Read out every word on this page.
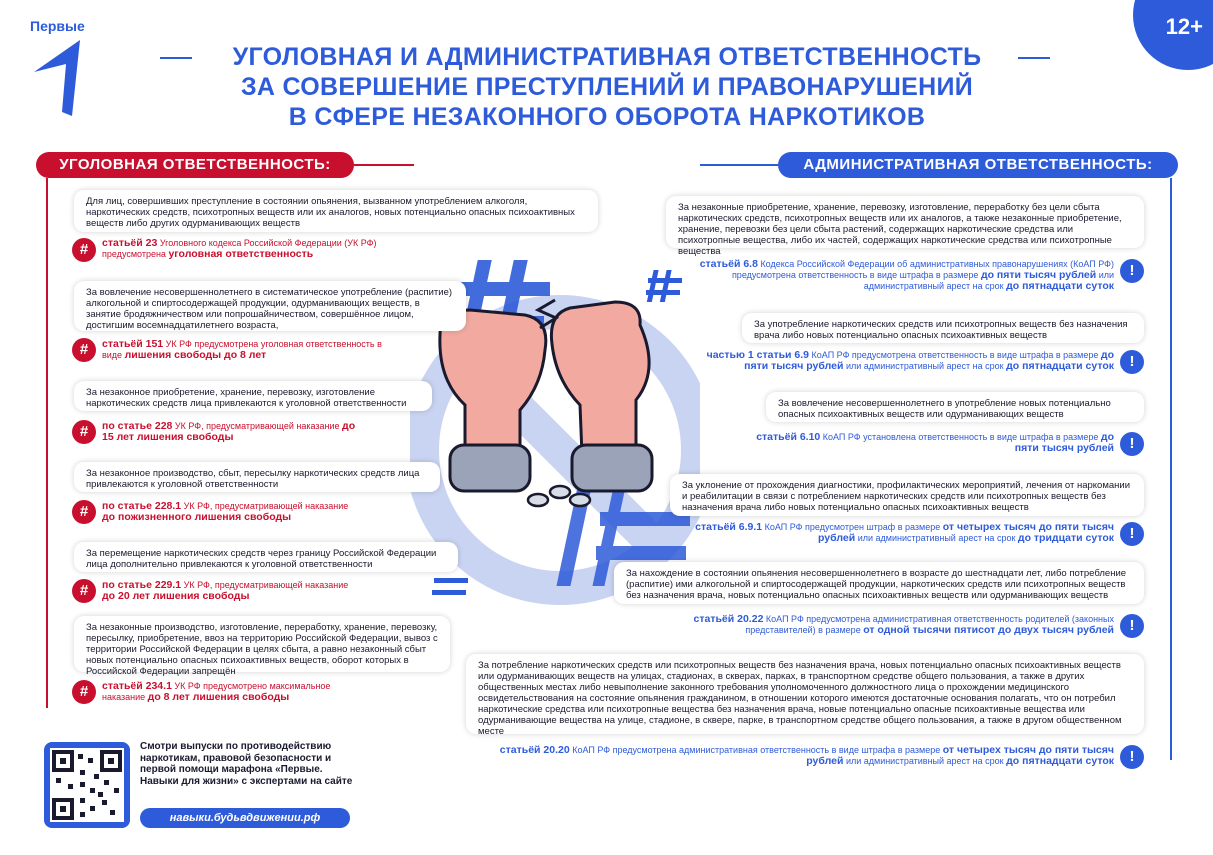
Первые	12+
УГОЛОВНАЯ И АДМИНИСТРАТИВНАЯ ОТВЕТСТВЕННОСТЬ
ЗА СОВЕРШЕНИЕ ПРЕСТУПЛЕНИЙ И ПРАВОНАРУШЕНИЙ
В СФЕРЕ НЕЗАКОННОГО ОБОРОТА НАРКОТИКОВ
УГОЛОВНАЯ ОТВЕТСТВЕННОСТЬ:	АДМИНИСТРАТИВНАЯ ОТВЕТСТВЕННОСТЬ:
Для лиц, совершивших преступление в состоянии опьянения, вызванном употреблением алкоголя, наркотических средств, психотропных веществ или их аналогов, новых потенциально опасных психоактивных веществ либо других одурманивающих веществ
#	статьёй 23 Уголовного кодекса Российской Федерации (УК РФ) предусмотрена уголовная ответственность
За вовлечение несовершеннолетнего в систематическое употребление (распитие) алкогольной и спиртосодержащей продукции, одурманивающих веществ, в занятие бродяжничеством или попрошайничеством, совершённое лицом, достигшим восемнадцатилетнего возраста,
#	статьёй 151 УК РФ предусмотрена уголовная ответственность в виде лишения свободы до 8 лет
За незаконное приобретение, хранение, перевозку, изготовление наркотических средств лица привлекаются к уголовной ответственности
#	по статье 228 УК РФ, предусматривающей наказание до 15 лет лишения свободы
За незаконное производство, сбыт, пересылку наркотических средств лица привлекаются к уголовной ответственности
#	по статье 228.1 УК РФ, предусматривающей наказание до пожизненного лишения свободы
За перемещение наркотических средств через границу Российской Федерации лица дополнительно привлекаются к уголовной ответственности
#	по статье 229.1 УК РФ, предусматривающей наказание до 20 лет лишения свободы
За незаконные производство, изготовление, переработку, хранение, перевозку, пересылку, приобретение, ввоз на территорию Российской Федерации, вывоз с территории Российской Федерации в целях сбыта, а равно незаконный сбыт новых потенциально опасных психоактивных веществ, оборот которых в Российской Федерации запрещён
#	статьёй 234.1 УК РФ предусмотрено максимальное наказание до 8 лет лишения свободы
За незаконные приобретение, хранение, перевозку, изготовление, переработку без цели сбыта наркотических средств, психотропных веществ или их аналогов, а также незаконные приобретение, хранение, перевозки без цели сбыта растений, содержащих наркотические средства или психотропные вещества, либо их частей, содержащих наркотические средства или психотропные вещества
статьёй 6.8 Кодекса Российской Федерации об административных правонарушениях (КоАП РФ) предусмотрена ответственность в виде штрафа в размере до пяти тысяч рублей или административный арест на срок до пятнадцати суток
!
За употребление наркотических средств или психотропных веществ без назначения врача либо новых потенциально опасных психоактивных веществ
частью 1 статьи 6.9 КоАП РФ предусмотрена ответственность в виде штрафа в размере до пяти тысяч рублей или административный арест на срок до пятнадцати суток	!
За вовлечение несовершеннолетнего в употребление новых потенциально опасных психоактивных веществ или одурманивающих веществ
статьёй 6.10 КоАП РФ установлена ответственность в виде штрафа в размере до пяти тысяч рублей	!
За уклонение от прохождения диагностики, профилактических мероприятий, лечения от наркомании и реабилитации в связи с потреблением наркотических средств или психотропных веществ без назначения врача либо новых потенциально опасных психоактивных веществ
статьёй 6.9.1 КоАП РФ предусмотрен штраф в размере от четырех тысяч до пяти тысяч рублей или административный арест на срок до тридцати суток	!
За нахождение в состоянии опьянения несовершеннолетнего в возрасте до шестнадцати лет, либо потребление (распитие) ими алкогольной и спиртосодержащей продукции, наркотических средств или психотропных веществ без назначения врача, новых потенциально опасных психоактивных веществ или одурманивающих веществ
статьёй 20.22 КоАП РФ предусмотрена административная ответственность родителей (законных представителей) в размере от одной тысячи пятисот до двух тысяч рублей	!
За потребление наркотических средств или психотропных веществ без назначения врача, новых потенциально опасных психоактивных веществ или одурманивающих веществ на улицах, стадионах, в скверах, парках, в транспортном средстве общего пользования, а также в других общественных местах либо невыполнение законного требования уполномоченного должностного лица о прохождении медицинского освидетельствования на состояние опьянения гражданином, в отношении которого имеются достаточные основания полагать, что он потребил наркотические средства или психотропные вещества без назначения врача, новые потенциально опасные психоактивные вещества или одурманивающие вещества на улице, стадионе, в сквере, парке, в транспортном средстве общего пользования, а также в другом общественном месте
статьёй 20.20 КоАП РФ предусмотрена административная ответственность в виде штрафа в размере от четырех тысяч до пяти тысяч рублей или административный арест на срок до пятнадцати суток	!
Смотри выпуски по противодействию наркотикам, правовой безопасности и первой помощи марафона «Первые. Навыки для жизни» с экспертами на сайте
навыки.будьвдвижении.рф
